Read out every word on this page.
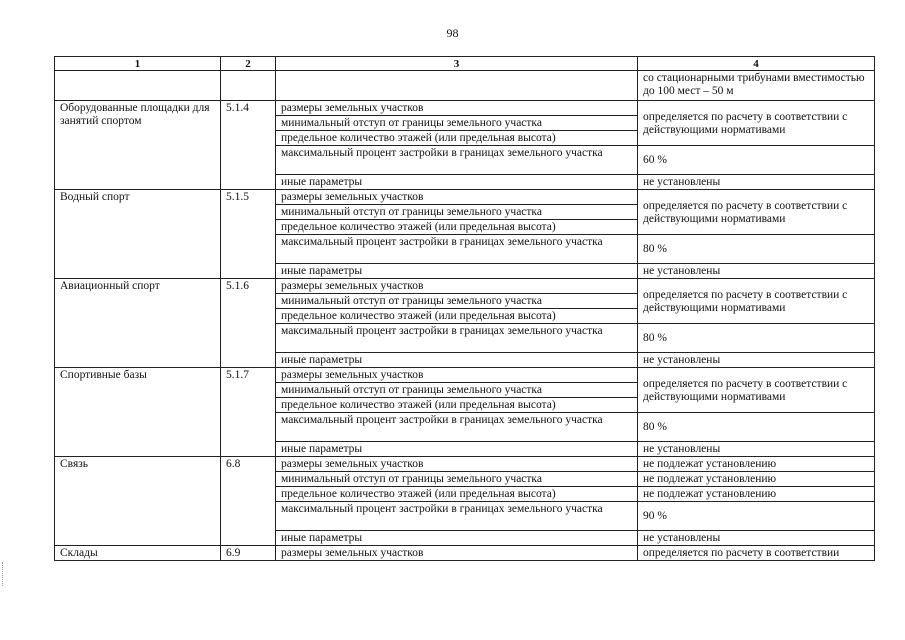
98
1	2	3	4
			со стационарными трибунами вместимостью до 100 мест – 50 м
Оборудованные площадки для занятий спортом	5.1.4	размеры земельных участков	определяется по расчету в соответствии с действующими нормативами
		минимальный отступ от границы земельного участка	
		предельное количество этажей (или предельная высота)	
		максимальный процент застройки в границах земельного участка	60 %
		иные параметры	не установлены
Водный спорт	5.1.5	размеры земельных участков	определяется по расчету в соответствии с действующими нормативами
		минимальный отступ от границы земельного участка	
		предельное количество этажей (или предельная высота)	
		максимальный процент застройки в границах земельного участка	80 %
		иные параметры	не установлены
Авиационный спорт	5.1.6	размеры земельных участков	определяется по расчету в соответствии с действующими нормативами
		минимальный отступ от границы земельного участка	
		предельное количество этажей (или предельная высота)	
		максимальный процент застройки в границах земельного участка	80 %
		иные параметры	не установлены
Спортивные базы	5.1.7	размеры земельных участков	определяется по расчету в соответствии с действующими нормативами
		минимальный отступ от границы земельного участка	
		предельное количество этажей (или предельная высота)	
		максимальный процент застройки в границах земельного участка	80 %
		иные параметры	не установлены
Связь	6.8	размеры земельных участков	не подлежат установлению
		минимальный отступ от границы земельного участка	не подлежат установлению
		предельное количество этажей (или предельная высота)	не подлежат установлению
		максимальный процент застройки в границах земельного участка	90 %
		иные параметры	не установлены
Склады	6.9	размеры земельных участков	определяется по расчету в соответствии
